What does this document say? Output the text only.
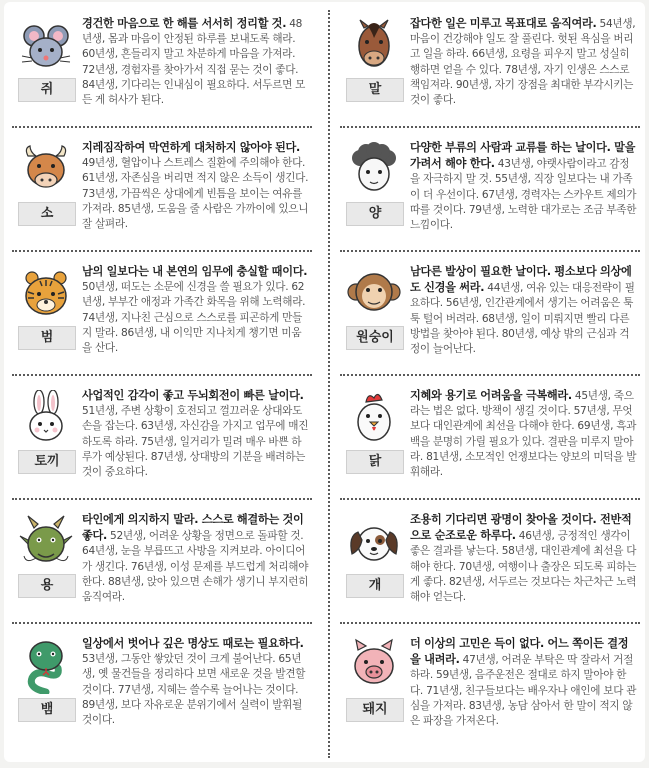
쥐
경건한 마음으로 한 해를 서서히 정리할 것. 48년생, 몸과 마음이 안정된 하루를 보내도록 해라. 60년생, 흔들리지 말고 차분하게 마음을 가져라. 72년생, 경험자를 찾아가서 직접 묻는 것이 좋다. 84년생, 기다리는 인내심이 필요하다. 서두르면 모든 게 허사가 된다.
소
지레짐작하여 막연하게 대처하지 않아야 된다. 49년생, 혈압이나 스트레스 질환에 주의해야 한다. 61년생, 자존심을 버리면 적지 않은 소득이 생긴다. 73년생, 가끔씩은 상대에게 빈틈을 보이는 여유를 가져라. 85년생, 도움을 줄 사람은 가까이에 있으니 잘 살펴라.
범
남의 일보다는 내 본연의 임무에 충실할 때이다. 50년생, 떠도는 소문에 신경을 쓸 필요가 있다. 62년생, 부부간 애정과 가족간 화목을 위해 노력해라. 74년생, 지나친 근심으로 스스로를 피곤하게 만들지 말라. 86년생, 내 이익만 지나치게 챙기면 미움을 산다.
토끼
사업적인 감각이 좋고 두뇌회전이 빠른 날이다. 51년생, 주변 상황이 호전되고 껄끄러운 상대와도 손을 잡는다. 63년생, 자신감을 가지고 업무에 매진하도록 하라. 75년생, 일거리가 밀려 매우 바쁜 하루가 예상된다. 87년생, 상대방의 기분을 배려하는 것이 중요하다.
용
타인에게 의지하지 말라. 스스로 해결하는 것이 좋다. 52년생, 어려운 상황을 정면으로 돌파할 것. 64년생, 눈을 부릅뜨고 사방을 지켜보라. 아이디어가 생긴다. 76년생, 이성 문제를 부드럽게 처리해야 한다. 88년생, 앉아 있으면 손해가 생기니 부지런히 움직여라.
뱀
일상에서 벗어나 깊은 명상도 때로는 필요하다. 53년생, 그동안 쌓았던 것이 크게 불어난다. 65년생, 옛 물건들을 정리하다 보면 새로운 것을 발견할 것이다. 77년생, 지혜는 쓸수록 늘어나는 것이다. 89년생, 보다 자유로운 분위기에서 실력이 발휘될 것이다.
말
잡다한 일은 미루고 목표대로 움직여라. 54년생, 마음이 건강해야 일도 잘 풀린다. 헛된 욕심을 버리고 일을 하라. 66년생, 요령을 피우지 말고 성실히 행하면 얻을 수 있다. 78년생, 자기 인생은 스스로 책임져라. 90년생, 자기 장점을 최대한 부각시키는 것이 좋다.
양
다양한 부류의 사람과 교류를 하는 날이다. 말을 가려서 해야 한다. 43년생, 야랫사람이라고 감정을 자극하지 말 것. 55년생, 직장 일보다는 내 가족이 더 우선이다. 67년생, 경력자는 스카우트 제의가 따를 것이다. 79년생, 노력한 대가로는 조금 부족한 느낌이다.
원숭이
남다른 발상이 필요한 날이다. 평소보다 의상에도 신경을 써라. 44년생, 여유 있는 대응전략이 필요하다. 56년생, 인간관계에서 생기는 어려움은 툭툭 털어 버려라. 68년생, 일이 미뤄지면 빨리 다른 방법을 찾아야 된다. 80년생, 예상 밖의 근심과 걱정이 늘어난다.
닭
지혜와 용기로 어려움을 극복해라. 45년생, 죽으라는 법은 없다. 방책이 생길 것이다. 57년생, 무엇보다 대인관계에 최선을 다해야 한다. 69년생, 흑과 백을 분명히 가릴 필요가 있다. 결판을 미루지 말아라. 81년생, 소모적인 언쟁보다는 양보의 미덕을 발휘해라.
개
조용히 기다리면 광명이 찾아올 것이다. 전반적으로 순조로운 하루다. 46년생, 긍정적인 생각이 좋은 결과를 낳는다. 58년생, 대인관계에 최선을 다해야 한다. 70년생, 여행이나 출장은 되도록 피하는 게 좋다. 82년생, 서두르는 것보다는 차근차근 노력해야 얻는다.
돼지
더 이상의 고민은 득이 없다. 어느 쪽이든 결정을 내려라. 47년생, 어려운 부탁은 딱 잘라서 거절하라. 59년생, 음주운전은 절대로 하지 말아야 한다. 71년생, 친구들보다는 배우자나 애인에 보다 관심을 가져라. 83년생, 농담 삼아서 한 말이 적지 않은 파장을 가져온다.
